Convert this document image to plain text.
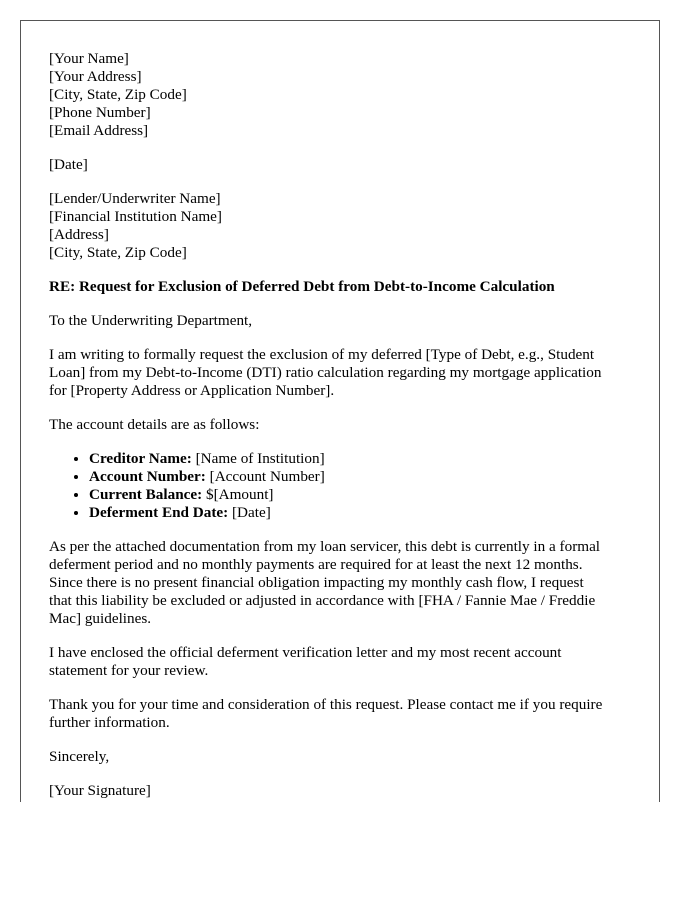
[Your Name]
[Your Address]
[City, State, Zip Code]
[Phone Number]
[Email Address]
[Date]
[Lender/Underwriter Name]
[Financial Institution Name]
[Address]
[City, State, Zip Code]
RE: Request for Exclusion of Deferred Debt from Debt-to-Income Calculation
To the Underwriting Department,
I am writing to formally request the exclusion of my deferred [Type of Debt, e.g., Student
Loan] from my Debt-to-Income (DTI) ratio calculation regarding my mortgage application
for [Property Address or Application Number].
The account details are as follows:
• Creditor Name: [Name of Institution]
• Account Number: [Account Number]
• Current Balance: $[Amount]
• Deferment End Date: [Date]
As per the attached documentation from my loan servicer, this debt is currently in a formal
deferment period and no monthly payments are required for at least the next 12 months.
Since there is no present financial obligation impacting my monthly cash flow, I request
that this liability be excluded or adjusted in accordance with [FHA / Fannie Mae / Freddie
Mac] guidelines.
I have enclosed the official deferment verification letter and my most recent account
statement for your review.
Thank you for your time and consideration of this request. Please contact me if you require
further information.
Sincerely,
[Your Signature]
